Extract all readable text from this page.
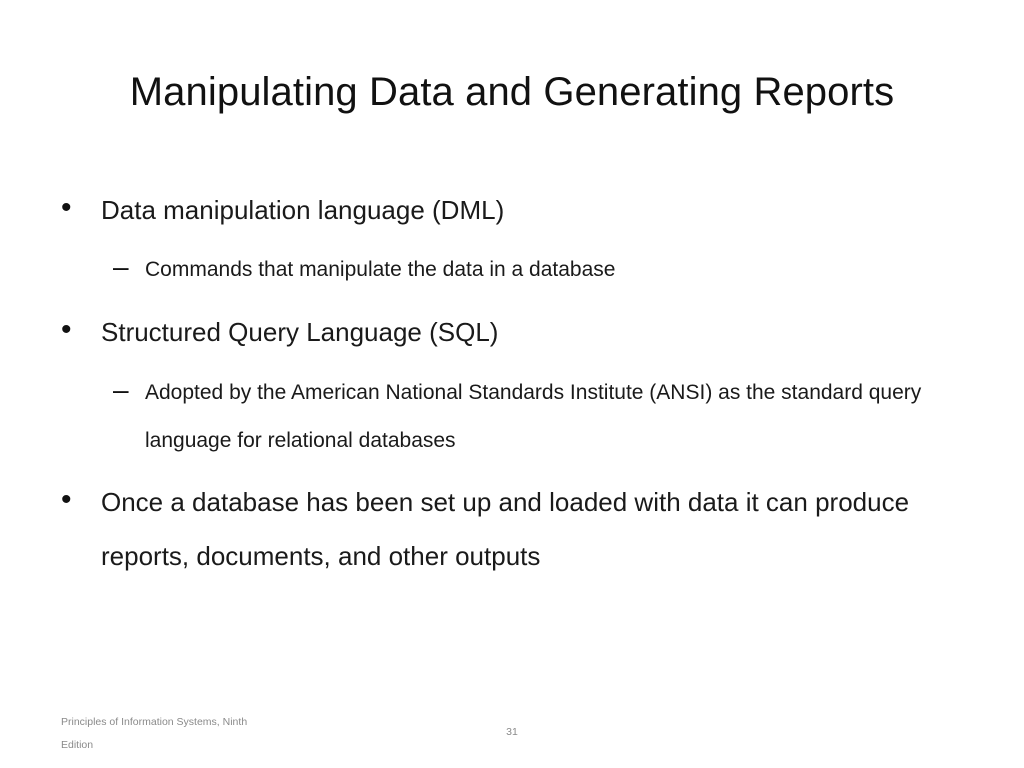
Manipulating Data and Generating Reports
• Data manipulation language (DML)
– Commands that manipulate the data in a database
• Structured Query Language (SQL)
– Adopted by the American National Standards Institute (ANSI) as the standard query language for relational databases
• Once a database has been set up and loaded with data it can produce reports, documents, and other outputs
Principles of Information Systems, Ninth Edition
31
